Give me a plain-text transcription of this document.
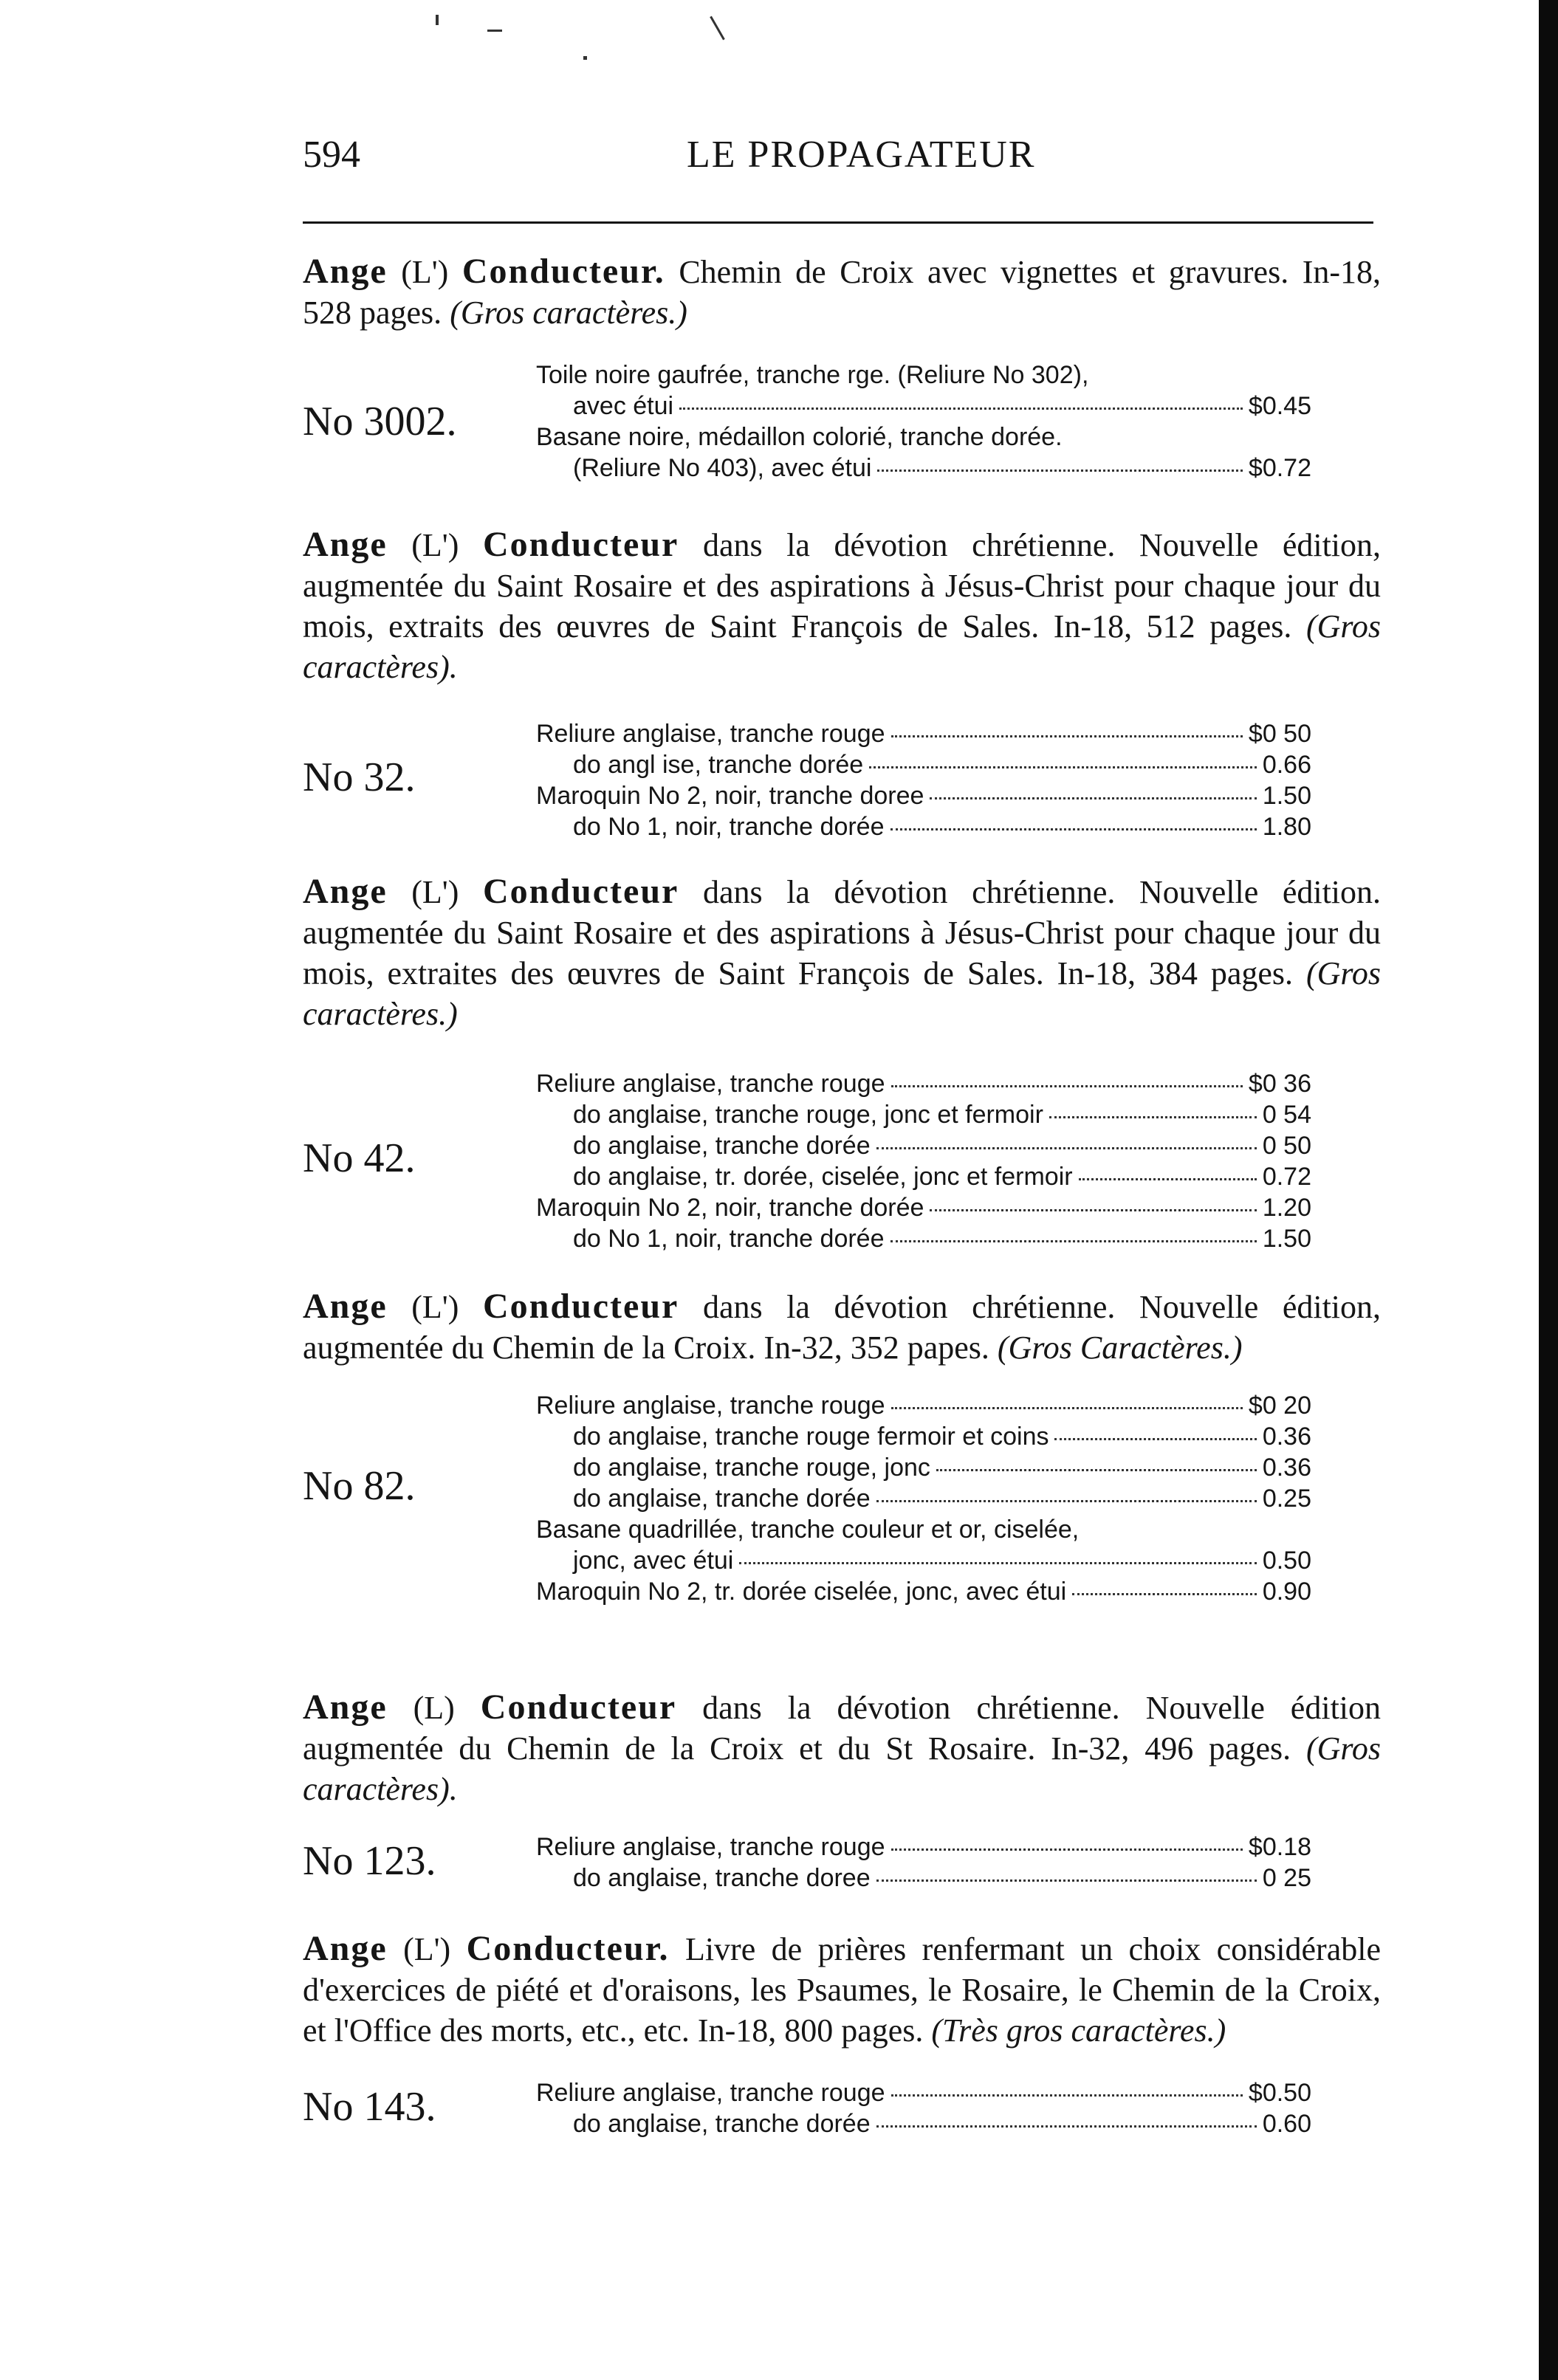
594	LE PROPAGATEUR

Ange (L') Conducteur. Chemin de Croix avec vignettes et gravures. In-18, 528 pages. (Gros caractères.)

No 3002.
Toile noire gaufrée, tranche rge. (Reliure No 302),
avec étui	$0.45
Basane noire, médaillon colorié, tranche dorée.
(Reliure No 403), avec étui	$0.72

Ange (L') Conducteur dans la dévotion chrétienne. Nouvelle édition, augmentée du Saint Rosaire et des aspirations à Jésus-Christ pour chaque jour du mois, extraits des œuvres de Saint François de Sales. In-18, 512 pages. (Gros caractères).

No 32.
Reliure anglaise, tranche rouge	$0 50
do angl ise, tranche dorée	0.66
Maroquin No 2, noir, tranche doree	1.50
do No 1, noir, tranche dorée	1.80

Ange (L') Conducteur dans la dévotion chrétienne. Nouvelle édition. augmentée du Saint Rosaire et des aspirations à Jésus-Christ pour chaque jour du mois, extraites des œuvres de Saint François de Sales. In-18, 384 pages. (Gros caractères.)

No 42.
Reliure anglaise, tranche rouge	$0 36
do anglaise, tranche rouge, jonc et fermoir	0 54
do anglaise, tranche dorée	0 50
do anglaise, tr. dorée, ciselée, jonc et fermoir	0.72
Maroquin No 2, noir, tranche dorée	1.20
do No 1, noir, tranche dorée	1.50

Ange (L') Conducteur dans la dévotion chrétienne. Nouvelle édition, augmentée du Chemin de la Croix. In-32, 352 papes. (Gros Caractères.)

No 82.
Reliure anglaise, tranche rouge	$0 20
do anglaise, tranche rouge fermoir et coins	0.36
do anglaise, tranche rouge, jonc	0.36
do anglaise, tranche dorée	0.25
Basane quadrillée, tranche couleur et or, ciselée,
jonc, avec étui	0.50
Maroquin No 2, tr. dorée ciselée, jonc, avec étui	0.90

Ange (L) Conducteur dans la dévotion chrétienne. Nouvelle édition augmentée du Chemin de la Croix et du St Rosaire. In-32, 496 pages. (Gros caractères).

No 123.	Reliure anglaise, tranche rouge	$0.18
do anglaise, tranche doree	0 25

Ange (L') Conducteur. Livre de prières renfermant un choix considérable d'exercices de piété et d'oraisons, les Psaumes, le Rosaire, le Chemin de la Croix, et l'Office des morts, etc., etc. In-18, 800 pages. (Très gros caractères.)

No 143.	Reliure anglaise, tranche rouge	$0.50
do anglaise, tranche dorée	0.60
